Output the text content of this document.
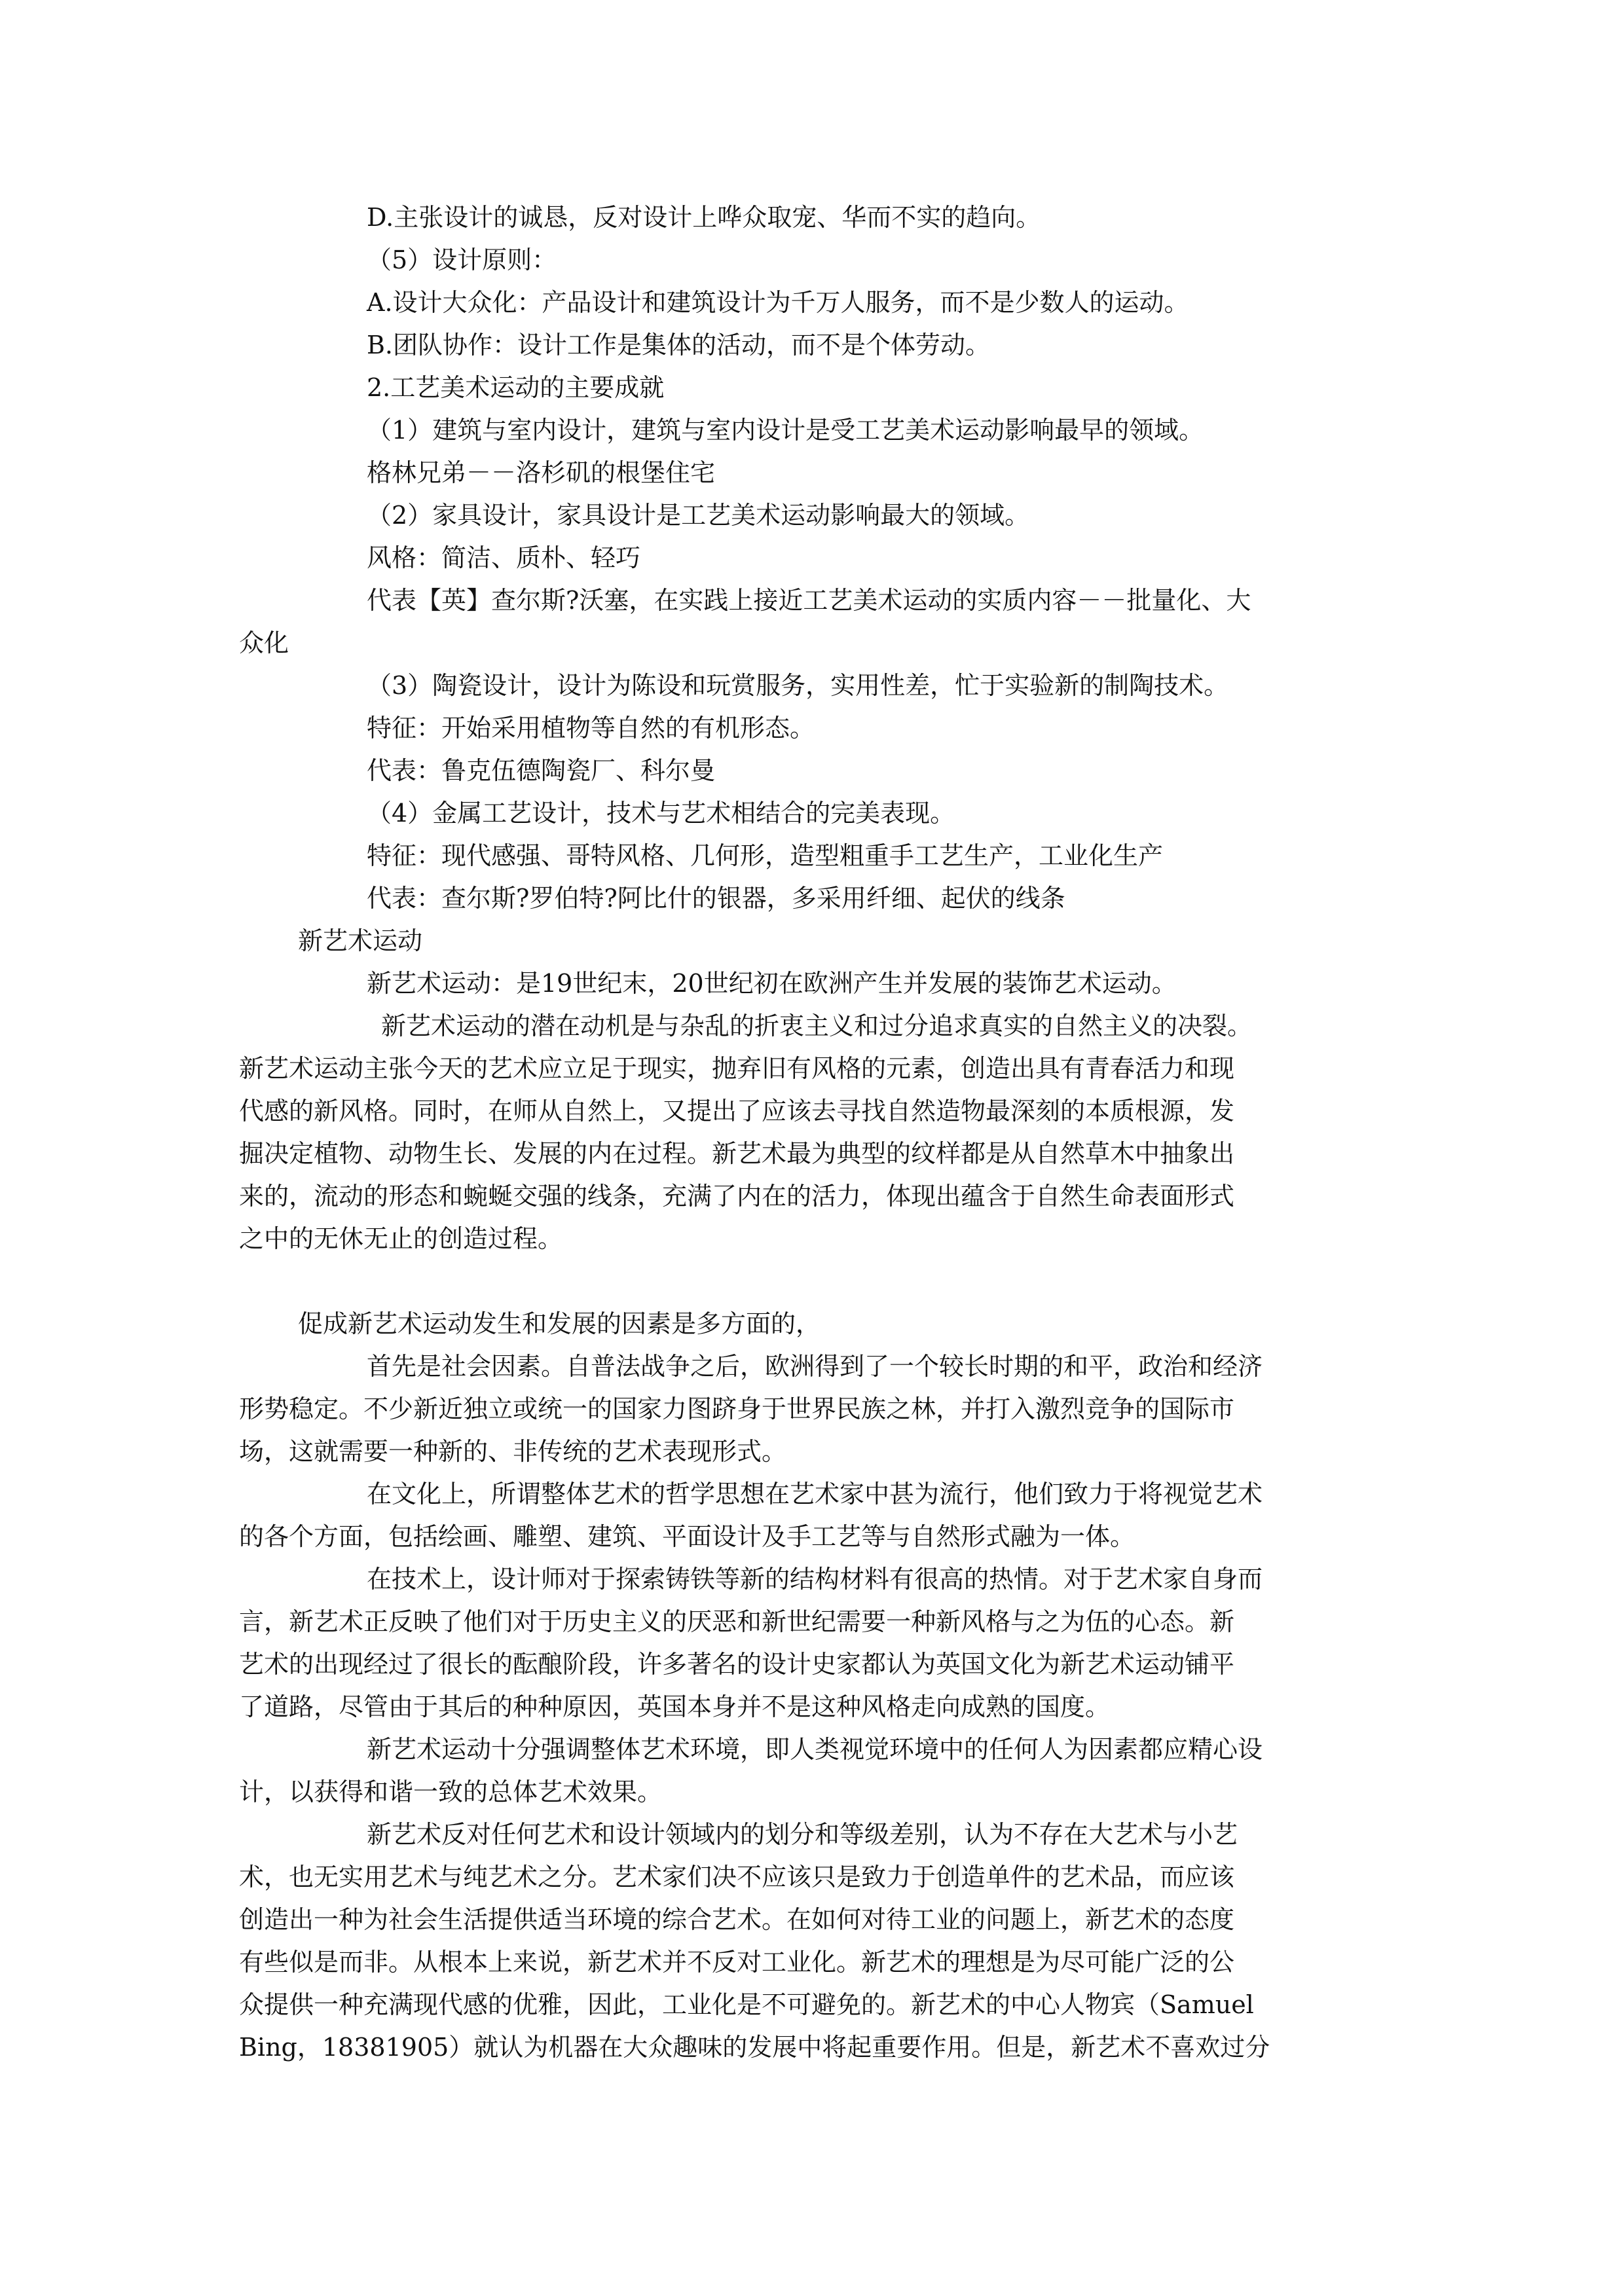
D.主张设计的诚恳，反对设计上哗众取宠、华而不实的趋向。
（5）设计原则：
A.设计大众化：产品设计和建筑设计为千万人服务，而不是少数人的运动。
B.团队协作：设计工作是集体的活动，而不是个体劳动。
2.工艺美术运动的主要成就
（1）建筑与室内设计，建筑与室内设计是受工艺美术运动影响最早的领域。
格林兄弟－－洛杉矶的根堡住宅
（2）家具设计，家具设计是工艺美术运动影响最大的领域。
风格：简洁、质朴、轻巧
代表【英】查尔斯?沃塞，在实践上接近工艺美术运动的实质内容－－批量化、大
众化
（3）陶瓷设计，设计为陈设和玩赏服务，实用性差，忙于实验新的制陶技术。
特征：开始采用植物等自然的有机形态。
代表：鲁克伍德陶瓷厂、科尔曼
（4）金属工艺设计，技术与艺术相结合的完美表现。
特征：现代感强、哥特风格、几何形，造型粗重手工艺生产，工业化生产
代表：查尔斯?罗伯特?阿比什的银器，多采用纤细、起伏的线条
新艺术运动
新艺术运动：是19世纪末，20世纪初在欧洲产生并发展的装饰艺术运动。
新艺术运动的潜在动机是与杂乱的折衷主义和过分追求真实的自然主义的决裂。
新艺术运动主张今天的艺术应立足于现实，抛弃旧有风格的元素，创造出具有青春活力和现
代感的新风格。同时，在师从自然上，又提出了应该去寻找自然造物最深刻的本质根源，发
掘决定植物、动物生长、发展的内在过程。新艺术最为典型的纹样都是从自然草木中抽象出
来的，流动的形态和蜿蜒交强的线条，充满了内在的活力，体现出蕴含于自然生命表面形式
之中的无休无止的创造过程。
促成新艺术运动发生和发展的因素是多方面的，
首先是社会因素。自普法战争之后，欧洲得到了一个较长时期的和平，政治和经济
形势稳定。不少新近独立或统一的国家力图跻身于世界民族之林，并打入激烈竞争的国际市
场，这就需要一种新的、非传统的艺术表现形式。
在文化上，所谓整体艺术的哲学思想在艺术家中甚为流行，他们致力于将视觉艺术
的各个方面，包括绘画、雕塑、建筑、平面设计及手工艺等与自然形式融为一体。
在技术上，设计师对于探索铸铁等新的结构材料有很高的热情。对于艺术家自身而
言，新艺术正反映了他们对于历史主义的厌恶和新世纪需要一种新风格与之为伍的心态。新
艺术的出现经过了很长的酝酿阶段，许多著名的设计史家都认为英国文化为新艺术运动铺平
了道路，尽管由于其后的种种原因，英国本身并不是这种风格走向成熟的国度。
新艺术运动十分强调整体艺术环境，即人类视觉环境中的任何人为因素都应精心设
计，以获得和谐一致的总体艺术效果。
新艺术反对任何艺术和设计领域内的划分和等级差别，认为不存在大艺术与小艺
术，也无实用艺术与纯艺术之分。艺术家们决不应该只是致力于创造单件的艺术品，而应该
创造出一种为社会生活提供适当环境的综合艺术。在如何对待工业的问题上，新艺术的态度
有些似是而非。从根本上来说，新艺术并不反对工业化。新艺术的理想是为尽可能广泛的公
众提供一种充满现代感的优雅，因此，工业化是不可避免的。新艺术的中心人物宾（Samuel
Bing，18381905）就认为机器在大众趣味的发展中将起重要作用。但是，新艺术不喜欢过分
